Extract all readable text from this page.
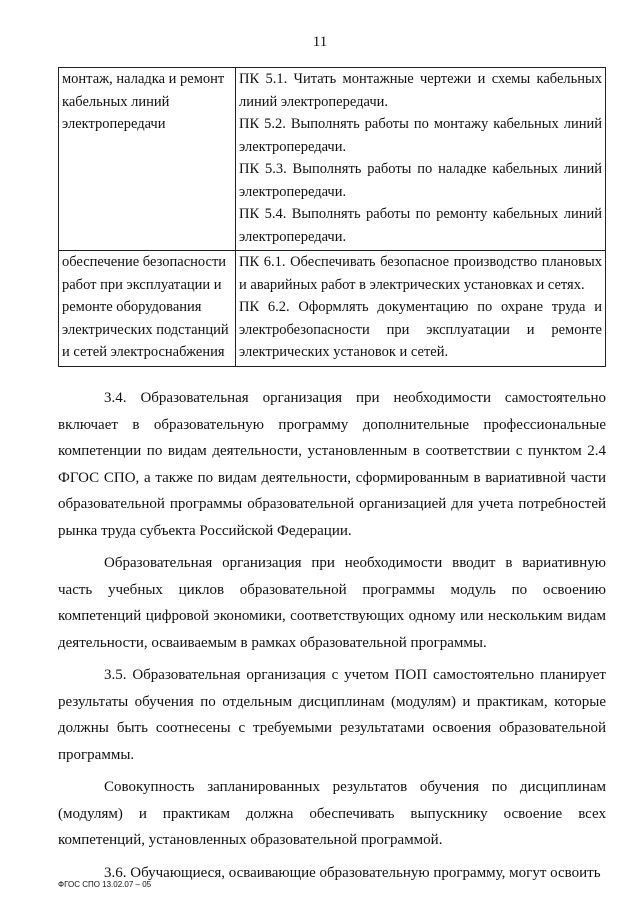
11
монтаж, наладка и ремонт кабельных линий электропередачи	ПК 5.1. Читать монтажные чертежи и схемы кабельных линий электропередачи.
ПК 5.2. Выполнять работы по монтажу кабельных линий электропередачи.
ПК 5.3. Выполнять работы по наладке кабельных линий электропередачи.
ПК 5.4. Выполнять работы по ремонту кабельных линий электропередачи.

обеспечение безопасности работ при эксплуатации и ремонте оборудования электрических подстанций и сетей электроснабжения	ПК 6.1. Обеспечивать безопасное производство плановых и аварийных работ в электрических установках и сетях.
ПК 6.2. Оформлять документацию по охране труда и электробезопасности при эксплуатации и ремонте электрических установок и сетей.

3.4. Образовательная организация при необходимости самостоятельно включает в образовательную программу дополнительные профессиональные компетенции по видам деятельности, установленным в соответствии с пунктом 2.4 ФГОС СПО, а также по видам деятельности, сформированным в вариативной части образовательной программы образовательной организацией для учета потребностей рынка труда субъекта Российской Федерации.

Образовательная организация при необходимости вводит в вариативную часть учебных циклов образовательной программы модуль по освоению компетенций цифровой экономики, соответствующих одному или нескольким видам деятельности, осваиваемым в рамках образовательной программы.

3.5. Образовательная организация с учетом ПОП самостоятельно планирует результаты обучения по отдельным дисциплинам (модулям) и практикам, которые должны быть соотнесены с требуемыми результатами освоения образовательной программы.

Совокупность запланированных результатов обучения по дисциплинам (модулям) и практикам должна обеспечивать выпускнику освоение всех компетенций, установленных образовательной программой.

3.6. Обучающиеся, осваивающие образовательную программу, могут освоить

ФГОС СПО 13.02.07 – 05
